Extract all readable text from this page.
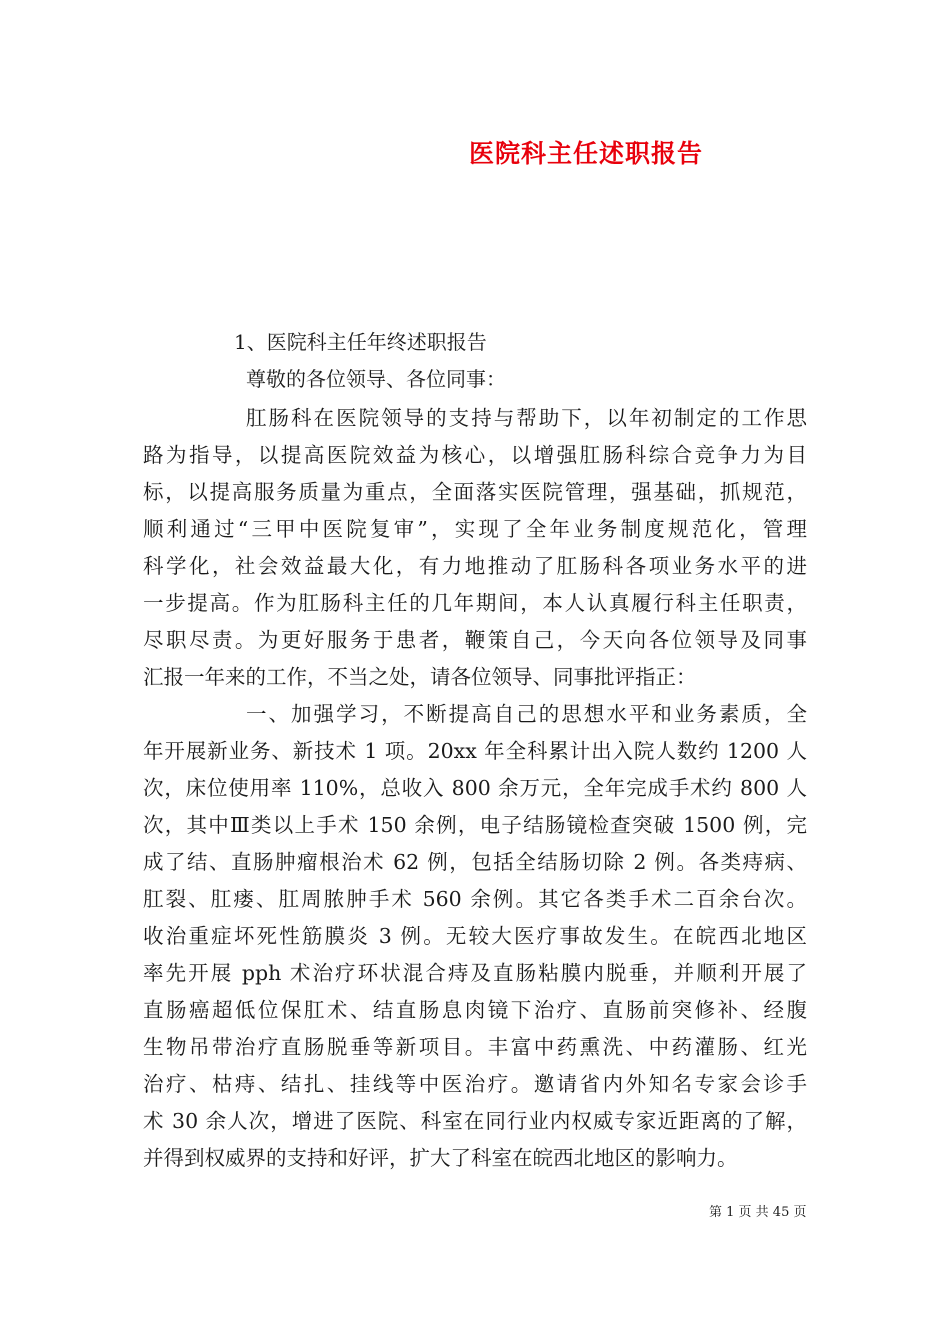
医院科主任述职报告
1、医院科主任年终述职报告
尊敬的各位领导、各位同事：
肛肠科在医院领导的支持与帮助下，以年初制定的工作思
路为指导，以提高医院效益为核心，以增强肛肠科综合竞争力为目
标，以提高服务质量为重点，全面落实医院管理，强基础，抓规范，
顺利通过“三甲中医院复审”，实现了全年业务制度规范化，管理
科学化，社会效益最大化，有力地推动了肛肠科各项业务水平的进
一步提高。作为肛肠科主任的几年期间，本人认真履行科主任职责，
尽职尽责。为更好服务于患者，鞭策自己，今天向各位领导及同事
汇报一年来的工作，不当之处，请各位领导、同事批评指正：
一、加强学习，不断提高自己的思想水平和业务素质，全
年开展新业务、新技术 1 项。20xx 年全科累计出入院人数约 1200 人
次，床位使用率 110%，总收入 800 余万元，全年完成手术约 800 人
次，其中Ⅲ类以上手术 150 余例，电子结肠镜检查突破 1500 例，完
成了结、直肠肿瘤根治术 62 例，包括全结肠切除 2 例。各类痔病、
肛裂、肛瘘、肛周脓肿手术 560 余例。其它各类手术二百余台次。
收治重症坏死性筋膜炎 3 例。无较大医疗事故发生。在皖西北地区
率先开展 pph 术治疗环状混合痔及直肠粘膜内脱垂，并顺利开展了
直肠癌超低位保肛术、结直肠息肉镜下治疗、直肠前突修补、经腹
生物吊带治疗直肠脱垂等新项目。丰富中药熏洗、中药灌肠、红光
治疗、枯痔、结扎、挂线等中医治疗。邀请省内外知名专家会诊手
术 30 余人次，增进了医院、科室在同行业内权威专家近距离的了解，
并得到权威界的支持和好评，扩大了科室在皖西北地区的影响力。
第 1 页 共 45 页
